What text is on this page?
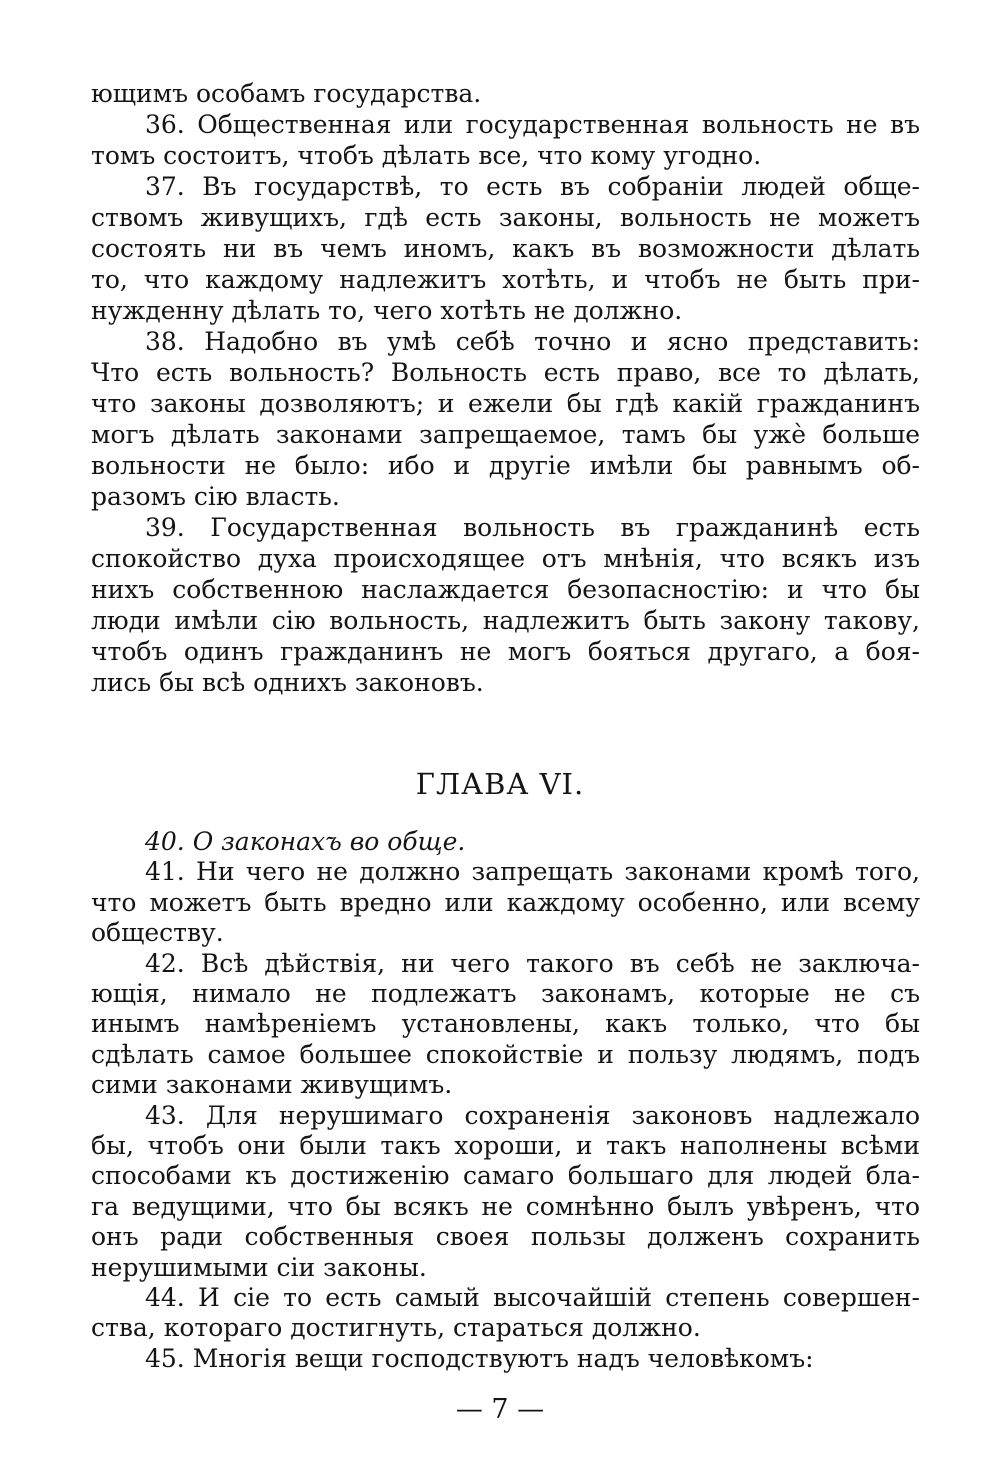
ющимъ особамъ государства.
36. Общественная или государственная вольность не въ
томъ состоитъ, чтобъ дѣлать все, что кому угодно.
37. Въ государствѣ, то есть въ собраніи людей обще-
ствомъ живущихъ, гдѣ есть законы, вольность не можетъ
состоять ни въ чемъ иномъ, какъ въ возможности дѣлать
то, что каждому надлежитъ хотѣть, и чтобъ не быть при-
нужденну дѣлать то, чего хотѣть не должно.
38. Надобно въ умѣ себѣ точно и ясно представить:
Что есть вольность? Вольность есть право, все то дѣлать,
что законы дозволяютъ; и ежели бы гдѣ какій гражданинъ
могъ дѣлать законами запрещаемое, тамъ бы ужѐ больше
вольности не было: ибо и другіе имѣли бы равнымъ об-
разомъ сію власть.
39. Государственная вольность въ гражданинѣ есть
спокойство духа происходящее отъ мнѣнія, что всякъ изъ
нихъ собственною наслаждается безопасностію: и что бы
люди имѣли сію вольность, надлежитъ быть закону такову,
чтобъ одинъ гражданинъ не могъ бояться другаго, а боя-
лись бы всѣ однихъ законовъ.
ГЛАВА VI.
40. О законахъ во обще.
41. Ни чего не должно запрещать законами кромѣ того,
что можетъ быть вредно или каждому особенно, или всему
обществу.
42. Всѣ дѣйствія, ни чего такого въ себѣ не заключа-
ющія, нимало не подлежатъ законамъ, которые не съ
инымъ намѣреніемъ установлены, какъ только, что бы
сдѣлать самое большее спокойствіе и пользу людямъ, подъ
сими законами живущимъ.
43. Для нерушимаго сохраненія законовъ надлежало
бы, чтобъ они были такъ хороши, и такъ наполнены всѣми
способами къ достиженію самаго большаго для людей бла-
га ведущими, что бы всякъ не сомнѣнно былъ увѣренъ, что
онъ ради собственныя своея пользы долженъ сохранить
нерушимыми сіи законы.
44. И сіе то есть самый высочайшій степень совершен-
ства, котораго достигнуть, стараться должно.
45. Многія вещи господствуютъ надъ человѣкомъ:
— 7 —
